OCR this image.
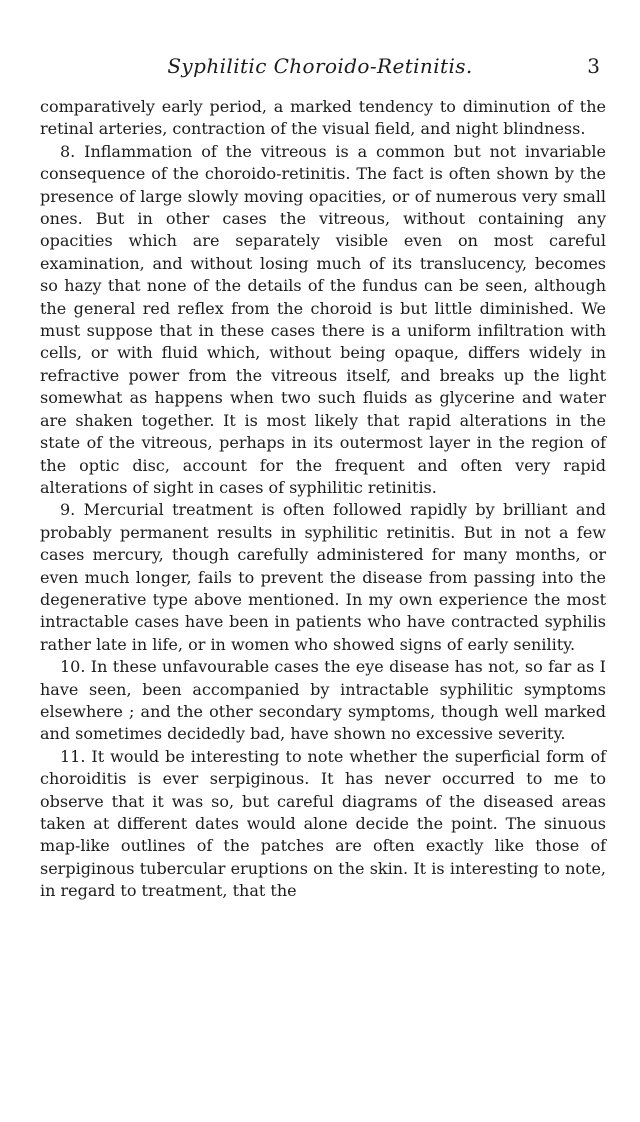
Syphilitic Choroido-Retinitis.	3

comparatively early period, a marked tendency to diminution of the retinal arteries, contraction of the visual field, and night blindness.

8. Inflammation of the vitreous is a common but not invariable consequence of the choroido-retinitis. The fact is often shown by the presence of large slowly moving opacities, or of numerous very small ones. But in other cases the vitreous, without containing any opacities which are separately visible even on most careful examination, and without losing much of its translucency, becomes so hazy that none of the details of the fundus can be seen, although the general red reflex from the choroid is but little diminished. We must suppose that in these cases there is a uniform infiltration with cells, or with fluid which, without being opaque, differs widely in refractive power from the vitreous itself, and breaks up the light somewhat as happens when two such fluids as glycerine and water are shaken together. It is most likely that rapid alterations in the state of the vitreous, perhaps in its outermost layer in the region of the optic disc, account for the frequent and often very rapid alterations of sight in cases of syphilitic retinitis.

9. Mercurial treatment is often followed rapidly by brilliant and probably permanent results in syphilitic retinitis. But in not a few cases mercury, though carefully administered for many months, or even much longer, fails to prevent the disease from passing into the degenerative type above mentioned. In my own experience the most intractable cases have been in patients who have contracted syphilis rather late in life, or in women who showed signs of early senility.

10. In these unfavourable cases the eye disease has not, so far as I have seen, been accompanied by intractable syphilitic symptoms elsewhere ; and the other secondary symptoms, though well marked and sometimes decidedly bad, have shown no excessive severity.

11. It would be interesting to note whether the superficial form of choroiditis is ever serpiginous. It has never occurred to me to observe that it was so, but careful diagrams of the diseased areas taken at different dates would alone decide the point. The sinuous map-like outlines of the patches are often exactly like those of serpiginous tubercular eruptions on the skin. It is interesting to note, in regard to treatment, that the
